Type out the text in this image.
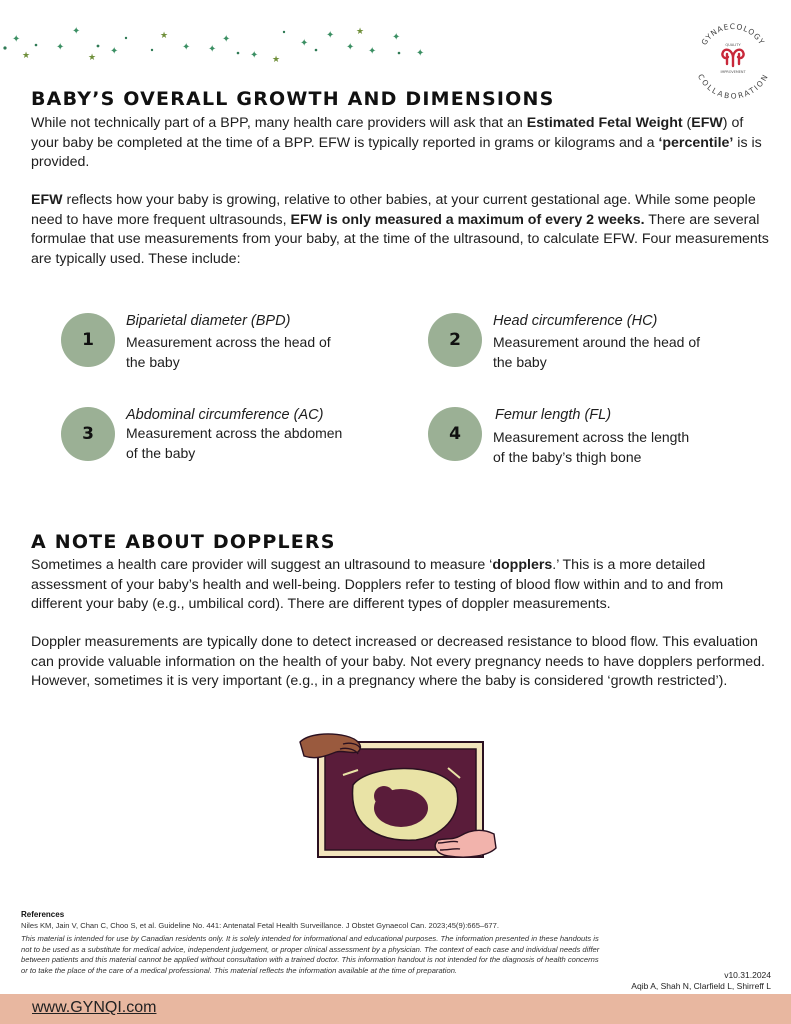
✦
✦
✦
✦	✦ ✦
✦
✦
✦
✦
✦ ✦
✦
✦
★	★
★
★
★
GYNAECOLOGY
COLLABORATION
QUALITY
IMPROVEMENT
BABY’S OVERALL GROWTH AND DIMENSIONS
While not technically part of a BPP, many health care providers will ask that an Estimated Fetal Weight (EFW) of your baby be completed at the time of a BPP. EFW is typically reported in grams or kilograms and a ‘percentile’ is is provided.
EFW reflects how your baby is growing, relative to other babies, at your current gestational age. While some people need to have more frequent ultrasounds, EFW is only measured a maximum of every 2 weeks. There are several formulae that use measurements from your baby, at the time of the ultrasound, to calculate EFW. Four measurements are typically used. These include:
1
Biparietal diameter (BPD)
Measurement across the head of the baby
2
Head circumference (HC)
Measurement around the head of the baby
3
Abdominal circumference (AC)
Measurement across the abdomen of the baby
4
Femur length (FL)
Measurement across the length of the baby’s thigh bone
A NOTE ABOUT DOPPLERS
Sometimes a health care provider will suggest an ultrasound to measure ‘dopplers.’ This is a more detailed assessment of your baby’s health and well-being. Dopplers refer to testing of blood flow within and to and from different your baby (e.g., umbilical cord). There are different types of doppler measurements.
Doppler measurements are typically done to detect increased or decreased resistance to blood flow. This evaluation can provide valuable information on the health of your baby. Not every pregnancy needs to have dopplers performed. However, sometimes it is very important (e.g., in a pregnancy where the baby is considered ‘growth restricted’).
References
Niles KM, Jain V, Chan C, Choo S, et al. Guideline No. 441: Antenatal Fetal Health Surveillance. J Obstet Gynaecol Can. 2023;45(9):665–677.
This material is intended for use by Canadian residents only. It is solely intended for informational and educational purposes. The information presented in these handouts is not to be used as a substitute for medical advice, independent judgement, or proper clinical assessment by a physician. The context of each case and individual needs differ between patients and this material cannot be applied without consultation with a trained doctor. This information handout is not intended for the diagnosis of health concerns or to take the place of the care of a medical professional. This material reflects the information available at the time of preparation.	v10.31.2024
Aqib A, Shah N, Clarfield L, Shirreff L
www.GYNQI.com
